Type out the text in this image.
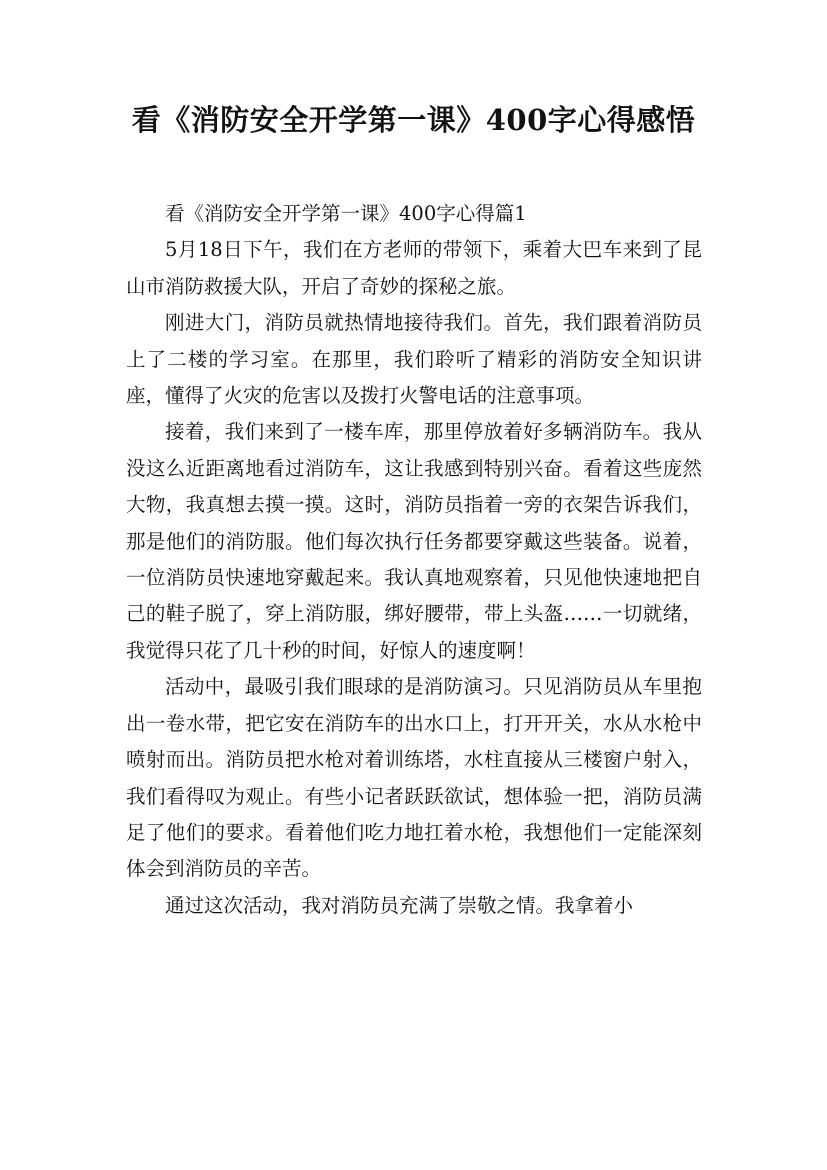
看《消防安全开学第一课》400字心得感悟

看《消防安全开学第一课》400字心得篇1

5月18日下午，我们在方老师的带领下，乘着大巴车来到了昆山市消防救援大队，开启了奇妙的探秘之旅。

刚进大门，消防员就热情地接待我们。首先，我们跟着消防员上了二楼的学习室。在那里，我们聆听了精彩的消防安全知识讲座，懂得了火灾的危害以及拨打火警电话的注意事项。

接着，我们来到了一楼车库，那里停放着好多辆消防车。我从没这么近距离地看过消防车，这让我感到特别兴奋。看着这些庞然大物，我真想去摸一摸。这时，消防员指着一旁的衣架告诉我们，那是他们的消防服。他们每次执行任务都要穿戴这些装备。说着，一位消防员快速地穿戴起来。我认真地观察着，只见他快速地把自己的鞋子脱了，穿上消防服，绑好腰带，带上头盔……一切就绪，我觉得只花了几十秒的时间，好惊人的速度啊！

活动中，最吸引我们眼球的是消防演习。只见消防员从车里抱出一卷水带，把它安在消防车的出水口上，打开开关，水从水枪中喷射而出。消防员把水枪对着训练塔，水柱直接从三楼窗户射入，我们看得叹为观止。有些小记者跃跃欲试，想体验一把，消防员满足了他们的要求。看着他们吃力地扛着水枪，我想他们一定能深刻体会到消防员的辛苦。

通过这次活动，我对消防员充满了崇敬之情。我拿着小
